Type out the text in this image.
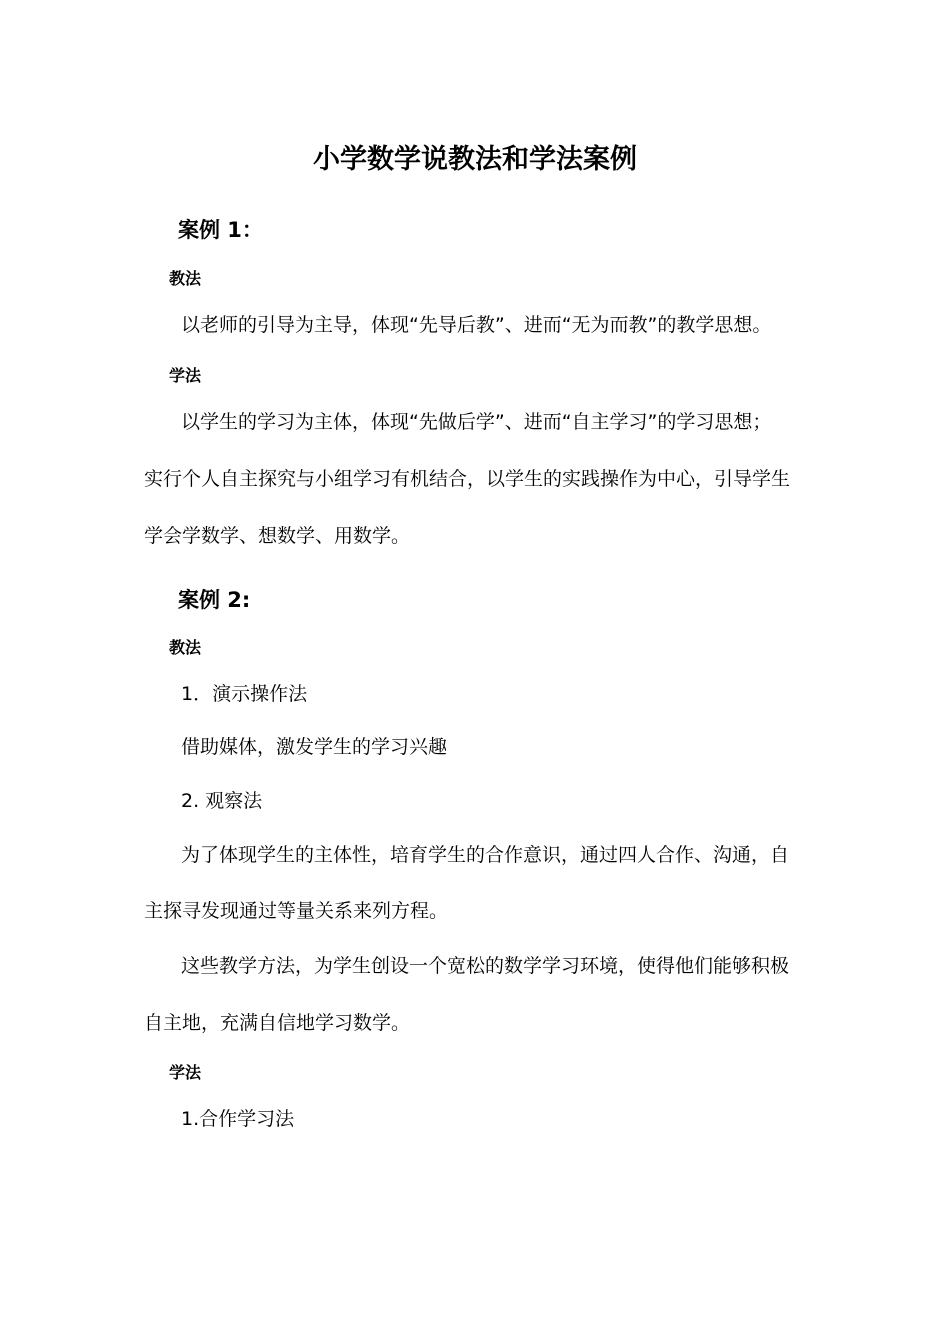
小学数学说教法和学法案例
案例 1：
教法
以老师的引导为主导，体现“先导后教”、进而“无为而教”的教学思想。
学法
以学生的学习为主体，体现“先做后学”、进而“自主学习”的学习思想；
实行个人自主探究与小组学习有机结合，以学生的实践操作为中心，引导学生
学会学数学、想数学、用数学。
案例 2:
教法
1．演示操作法
借助媒体，激发学生的学习兴趣
2. 观察法
为了体现学生的主体性，培育学生的合作意识，通过四人合作、沟通，自
主探寻发现通过等量关系来列方程。
这些教学方法，为学生创设一个宽松的数学学习环境，使得他们能够积极
自主地，充满自信地学习数学。
学法
1.合作学习法
